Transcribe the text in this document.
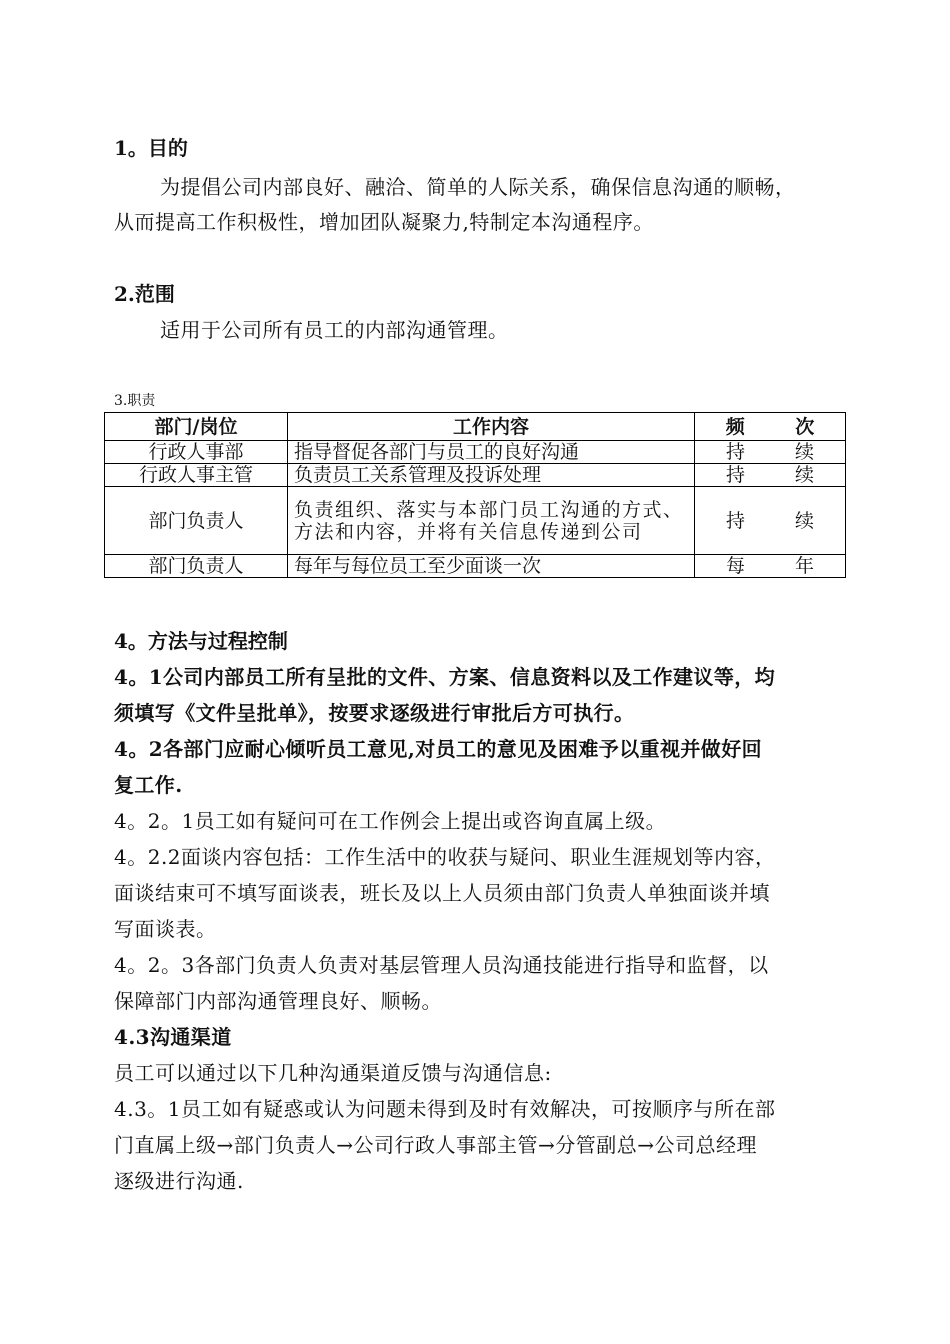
1。目的
为提倡公司内部良好、融洽、简单的人际关系，确保信息沟通的顺畅，
从而提高工作积极性，增加团队凝聚力,特制定本沟通程序。
2.范围
适用于公司所有员工的内部沟通管理。
3.职责
部门/岗位	工作内容	频 次
行政人事部	指导督促各部门与员工的良好沟通	持 续
行政人事主管	负责员工关系管理及投诉处理	持 续
部门负责人	负责组织、落实与本部门员工沟通的方式、方法和内容，并将有关信息传递到公司	持 续
部门负责人	每年与每位员工至少面谈一次	每 年
4。方法与过程控制
4。1公司内部员工所有呈批的文件、方案、信息资料以及工作建议等，均
须填写《文件呈批单》，按要求逐级进行审批后方可执行。
4。2各部门应耐心倾听员工意见,对员工的意见及困难予以重视并做好回
复工作.
4。2。1员工如有疑问可在工作例会上提出或咨询直属上级。
4。2.2面谈内容包括：工作生活中的收获与疑问、职业生涯规划等内容，
面谈结束可不填写面谈表，班长及以上人员须由部门负责人单独面谈并填
写面谈表。
4。2。3各部门负责人负责对基层管理人员沟通技能进行指导和监督，以
保障部门内部沟通管理良好、顺畅。
4.3沟通渠道
员工可以通过以下几种沟通渠道反馈与沟通信息:
4.3。1员工如有疑惑或认为问题未得到及时有效解决，可按顺序与所在部
门直属上级→部门负责人→公司行政人事部主管→分管副总→公司总经理
逐级进行沟通.
